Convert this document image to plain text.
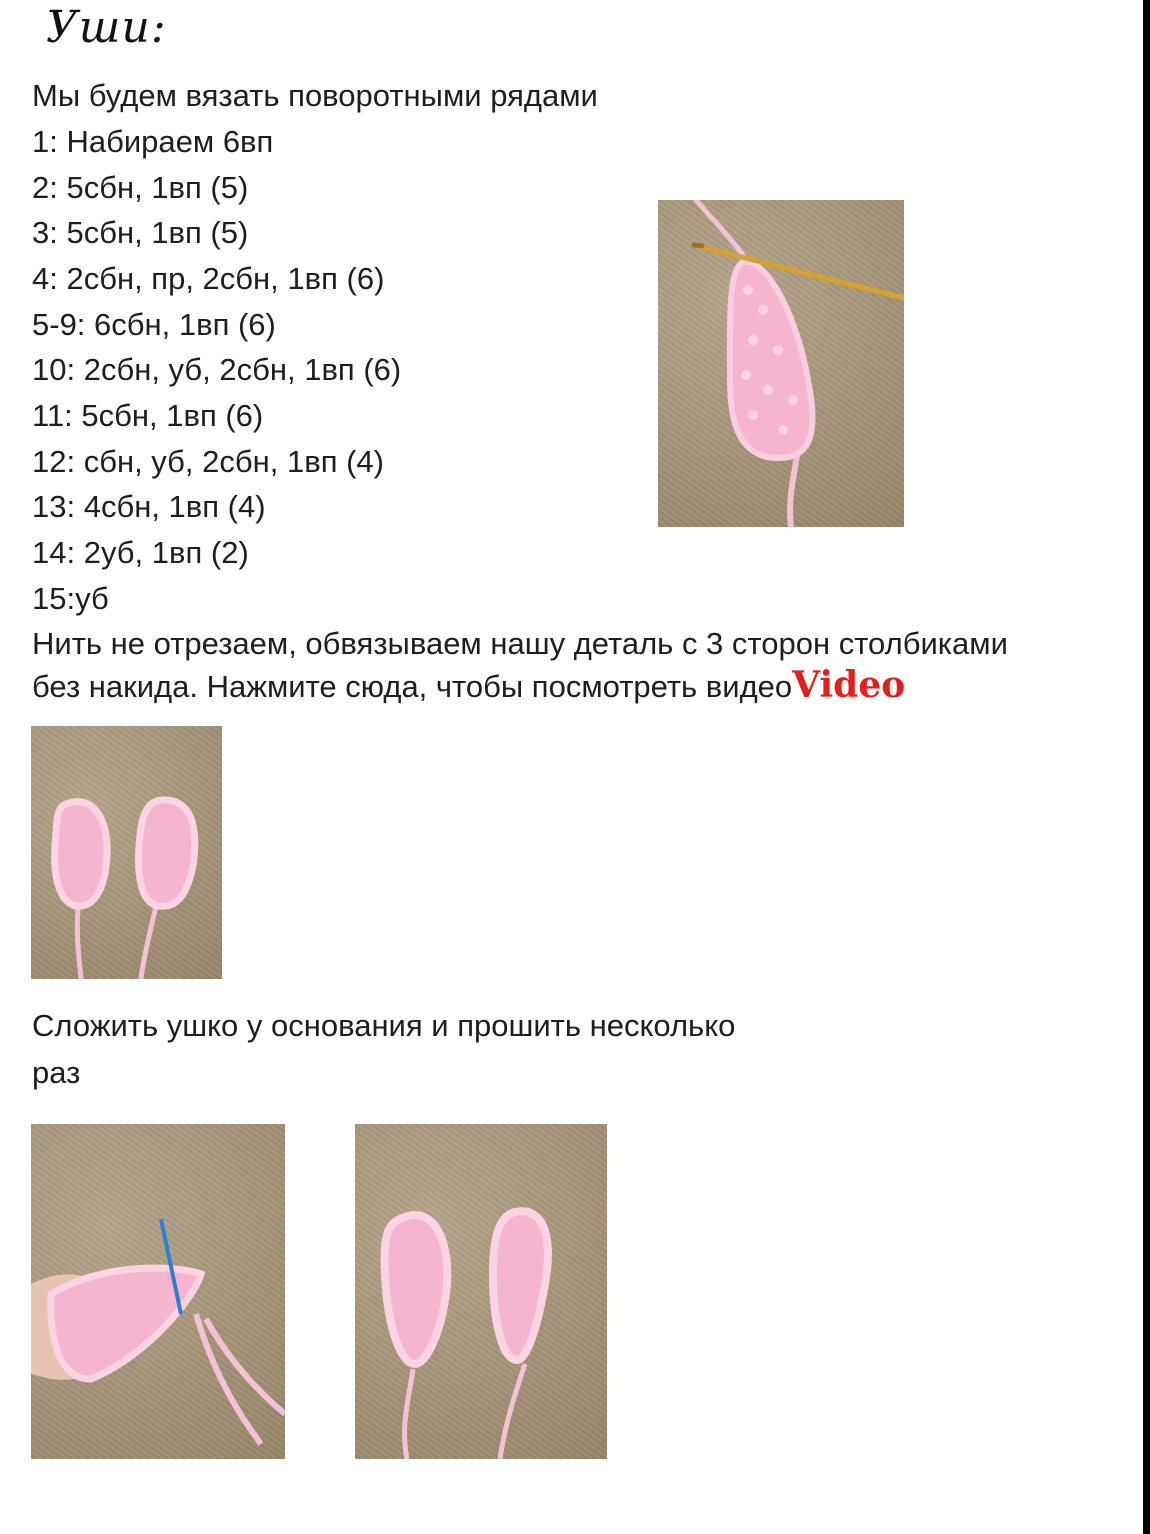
Уши:
Мы будем вязать поворотными рядами
1: Набираем 6вп
2: 5сбн, 1вп (5)
3: 5сбн, 1вп (5)
4: 2сбн, пр, 2сбн, 1вп (6)
5-9: 6сбн, 1вп (6)
10: 2сбн, уб, 2сбн, 1вп (6)
11: 5сбн, 1вп (6)
12: сбн, уб, 2сбн, 1вп (4)
13: 4сбн, 1вп (4)
14: 2уб, 1вп (2)
15:уб
Нить не отрезаем, обвязываем нашу деталь с 3 сторон столбиками
без накида. Нажмите сюда, чтобы посмотреть видеоVideo
Сложить ушко у основания и прошить несколько
раз
